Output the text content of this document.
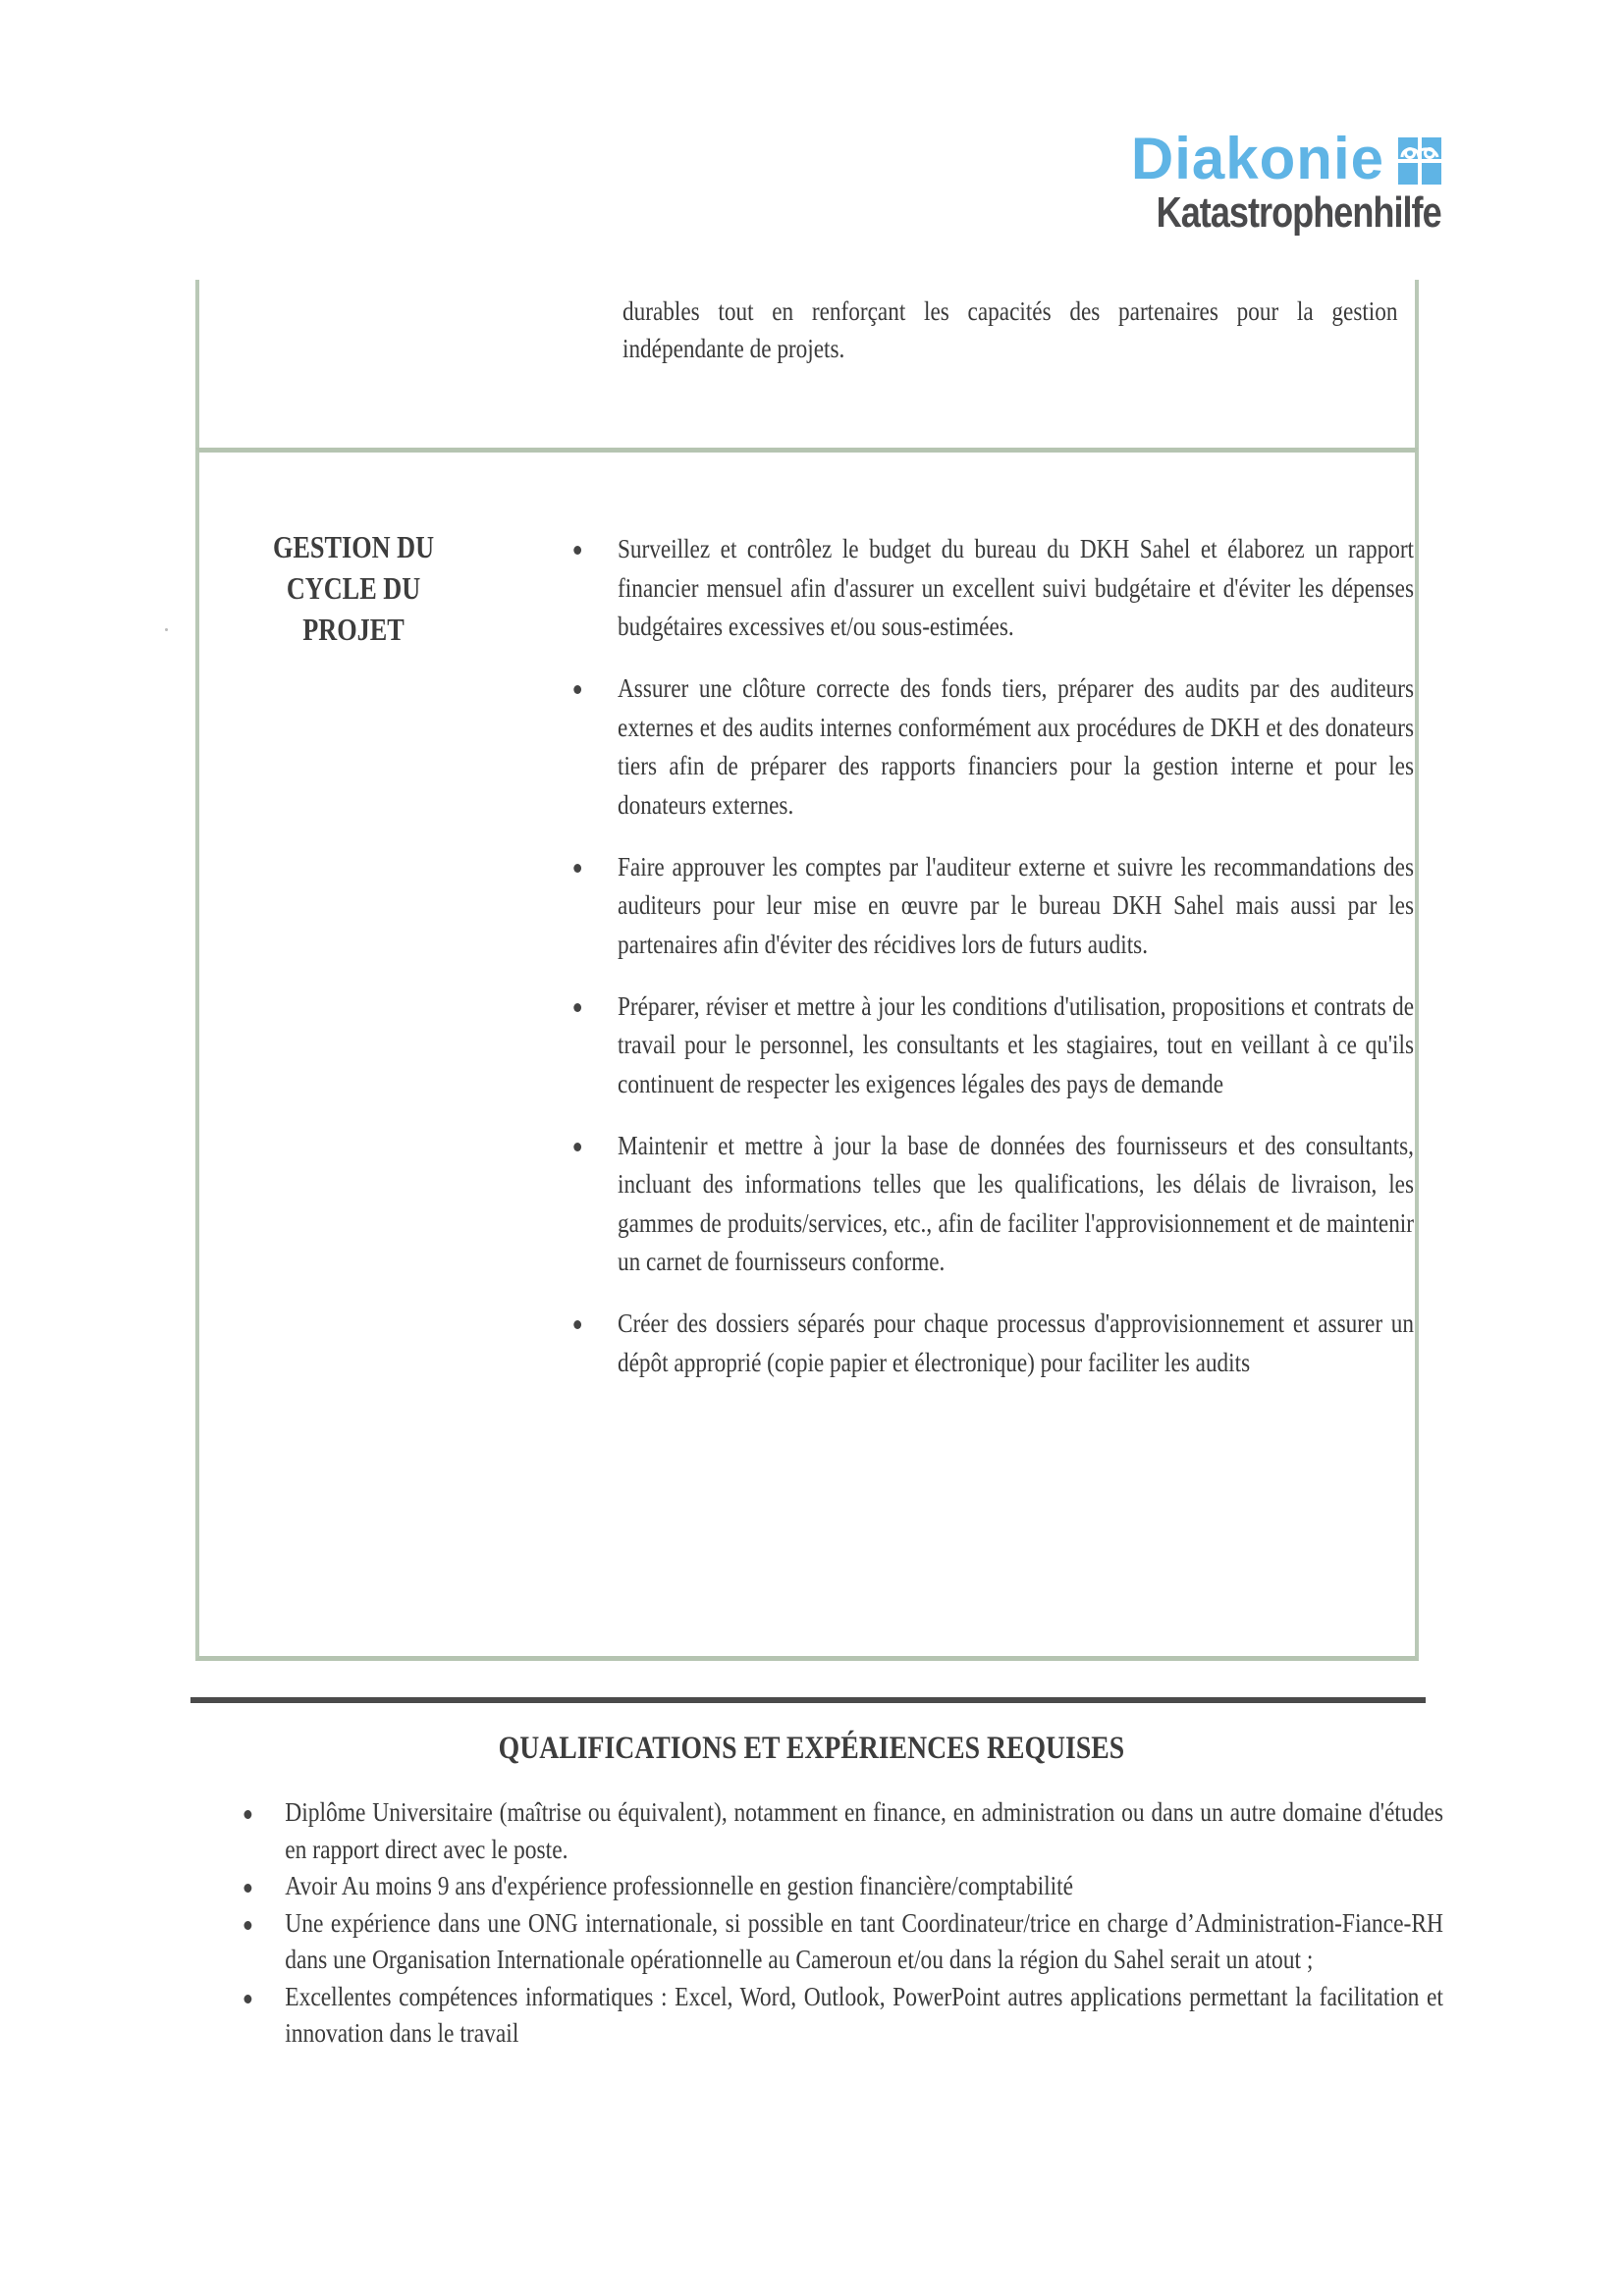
Diakonie
Katastrophenhilfe
durables tout en renforçant les capacités des partenaires pour la gestion indépendante de projets.
GESTION DU
CYCLE DU
PROJET
Surveillez et contrôlez le budget du bureau du DKH Sahel et élaborez un rapport financier mensuel afin d'assurer un excellent suivi budgétaire et d'éviter les dépenses budgétaires excessives et/ou sous-estimées.
Assurer une clôture correcte des fonds tiers, préparer des audits par des auditeurs externes et des audits internes conformément aux procédures de DKH et des donateurs tiers afin de préparer des rapports financiers pour la gestion interne et pour les donateurs externes.
Faire approuver les comptes par l'auditeur externe et suivre les recommandations des auditeurs pour leur mise en œuvre par le bureau DKH Sahel mais aussi par les partenaires afin d'éviter des récidives lors de futurs audits.
Préparer, réviser et mettre à jour les conditions d'utilisation, propositions et contrats de travail pour le personnel, les consultants et les stagiaires, tout en veillant à ce qu'ils continuent de respecter les exigences légales des pays de demande
Maintenir et mettre à jour la base de données des fournisseurs et des consultants, incluant des informations telles que les qualifications, les délais de livraison, les gammes de produits/services, etc., afin de faciliter l'approvisionnement et de maintenir un carnet de fournisseurs conforme.
Créer des dossiers séparés pour chaque processus d'approvisionnement et assurer un dépôt approprié (copie papier et électronique) pour faciliter les audits
QUALIFICATIONS ET EXPÉRIENCES REQUISES
Diplôme Universitaire (maîtrise ou équivalent), notamment en finance, en administration ou dans un autre domaine d'études en rapport direct avec le poste.
Avoir Au moins 9 ans d'expérience professionnelle en gestion financière/comptabilité
Une expérience dans une ONG internationale, si possible en tant Coordinateur/trice en charge d’Administration-Fiance-RH dans une Organisation Internationale opérationnelle au Cameroun et/ou dans la région du Sahel serait un atout ;
Excellentes compétences informatiques : Excel, Word, Outlook, PowerPoint autres applications permettant la facilitation et innovation dans le travail
